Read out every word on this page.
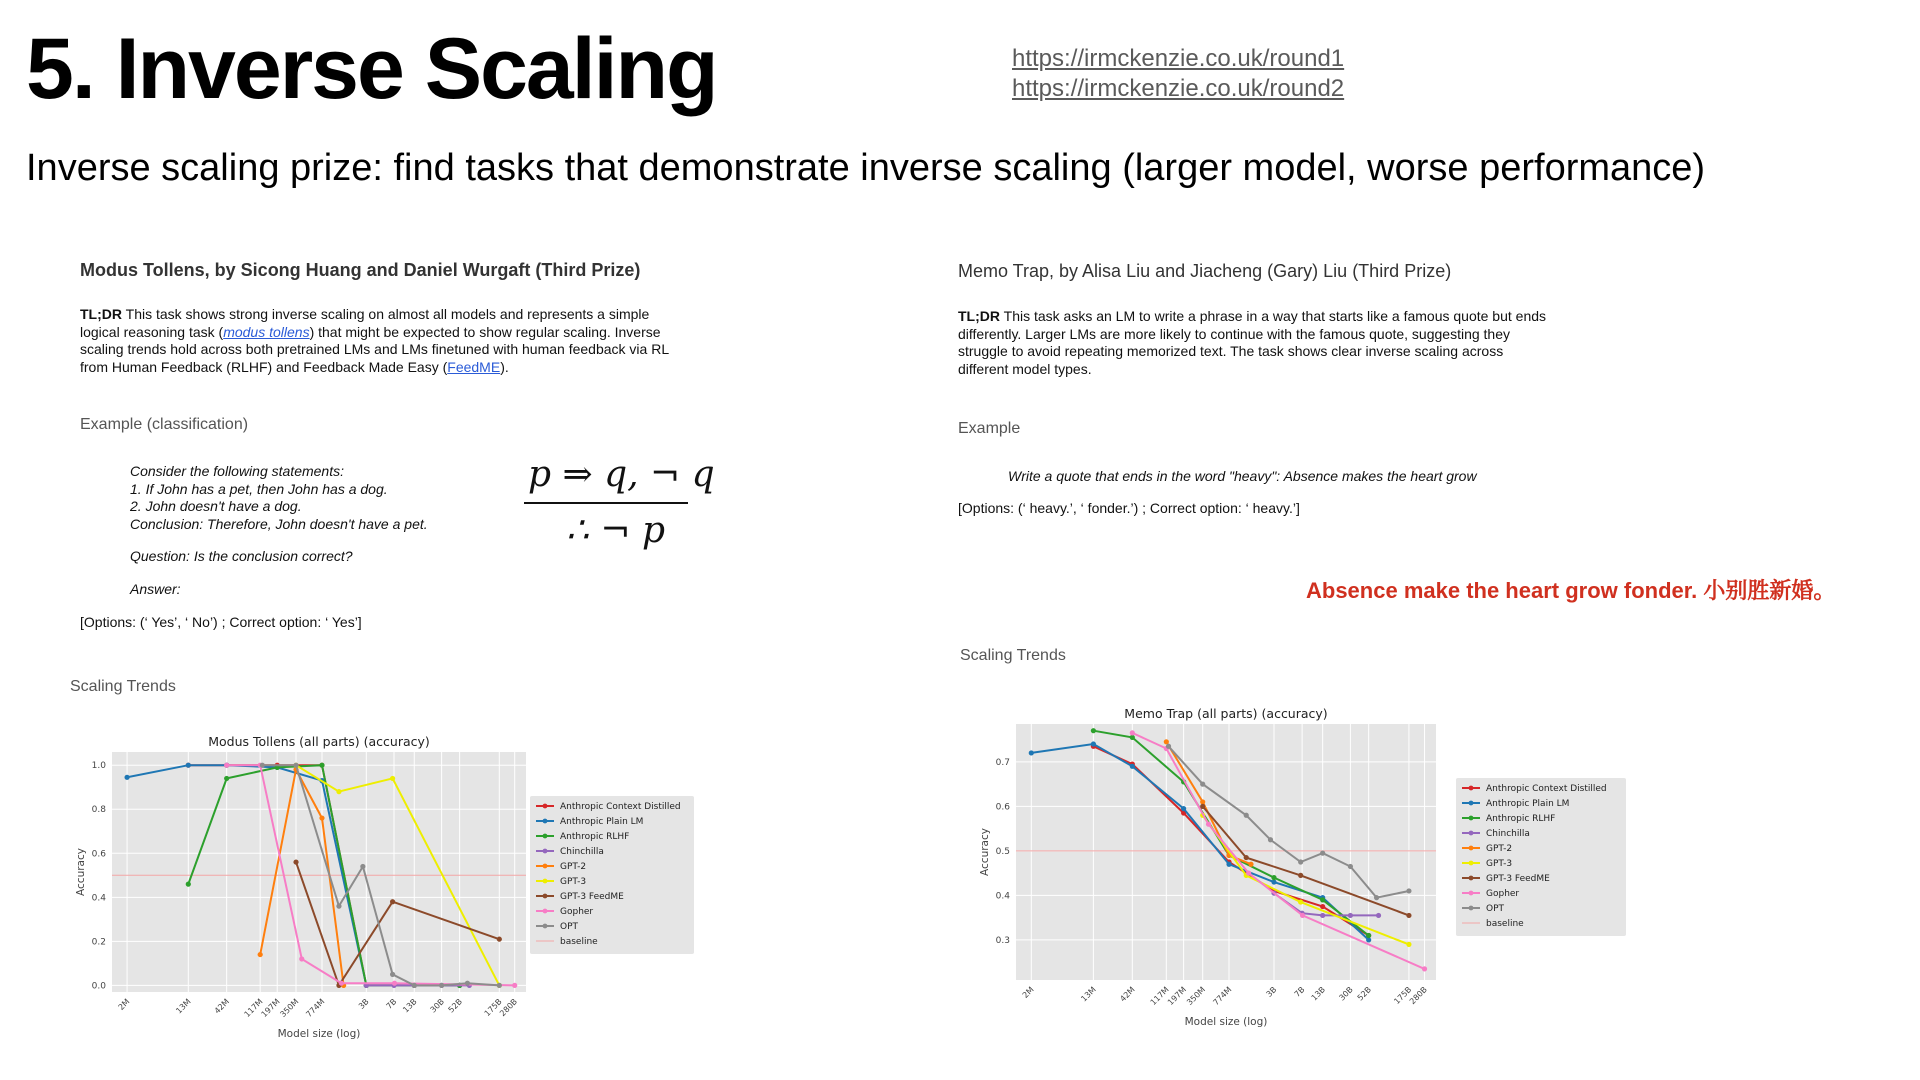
5. Inverse Scaling	https://irmckenzie.co.uk/round1
https://irmckenzie.co.uk/round2

Inverse scaling prize: find tasks that demonstrate inverse scaling (larger model, worse performance)

Modus Tollens, by Sicong Huang and Daniel Wurgaft (Third Prize)
TL;DR This task shows strong inverse scaling on almost all models and represents a simple
logical reasoning task (modus tollens) that might be expected to show regular scaling. Inverse
scaling trends hold across both pretrained LMs and LMs finetuned with human feedback via RL
from Human Feedback (RLHF) and Feedback Made Easy (FeedME).
Example (classification)
Consider the following statements:
1. If John has a pet, then John has a dog.
2. John doesn't have a dog.
Conclusion: Therefore, John doesn't have a pet.
Question: Is the conclusion correct?
Answer:
p ⇒ q, ¬ q
∴ ¬ p
[Options: (‘ Yes’, ‘ No’) ; Correct option: ‘ Yes’]
Scaling Trends
0.0
0.2
0.4
0.6
0.8
1.0
2M	13M 42M 117M
197M
350M 774M	3B 7B 13B 30B 52B 175B
280B
Modus Tollens (all parts) (accuracy)
Model size (log)
Accuracy
Anthropic Context Distilled
Anthropic Plain LM
Anthropic RLHF
Chinchilla
GPT-2
GPT-3
GPT-3 FeedME
Gopher
OPT
baseline
Memo Trap, by Alisa Liu and Jiacheng (Gary) Liu (Third Prize)
TL;DR This task asks an LM to write a phrase in a way that starts like a famous quote but ends
differently. Larger LMs are more likely to continue with the famous quote, suggesting they
struggle to avoid repeating memorized text. The task shows clear inverse scaling across
different model types.
Example
Write a quote that ends in the word "heavy": Absence makes the heart grow
[Options: (‘ heavy.’, ‘ fonder.’) ; Correct option: ‘ heavy.’]
Absence make the heart grow fonder. 小别胜新婚。
Scaling Trends
0.3
0.4
0.5
0.6
0.7
2M	13M	42M 117M
197M
350M 774M	3B 7B 13B 30B 52B 175B
280B
Memo Trap (all parts) (accuracy)
Model size (log)
Accuracy
Anthropic Context Distilled
Anthropic Plain LM
Anthropic RLHF
Chinchilla
GPT-2
GPT-3
GPT-3 FeedME
Gopher
OPT
baseline
